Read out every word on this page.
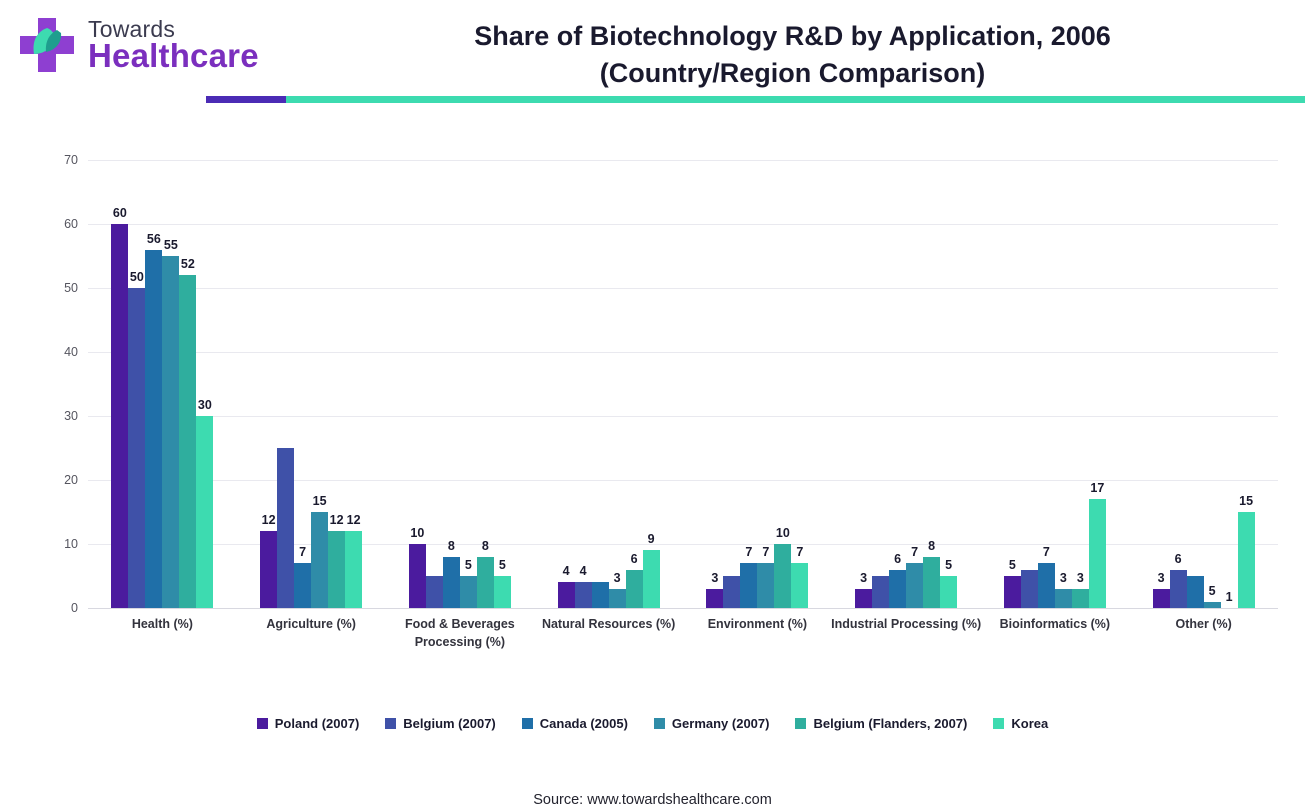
Towards
Healthcare
Share of Biotechnology R&D by Application, 2006
(Country/Region Comparison)
0
10
20
30
40
50
60
70
60
50
56 55
52
30
Health (%)
12
7
15
12 12
Agriculture (%)
10
8
5
8
5
Food & Beverages Processing (%)
4 4 3
6
9
Natural Resources (%)
3
7 7
10
7
Environment (%)
3
6 7 8
5
Industrial Processing (%)
5
7
3 3
17
Bioinformatics (%)
3
6
5 1
15
Other (%)
Poland (2007)	Belgium (2007)	Canada (2005)	Germany (2007)	Belgium (Flanders, 2007)	Korea
Source: www.towardshealthcare.com
